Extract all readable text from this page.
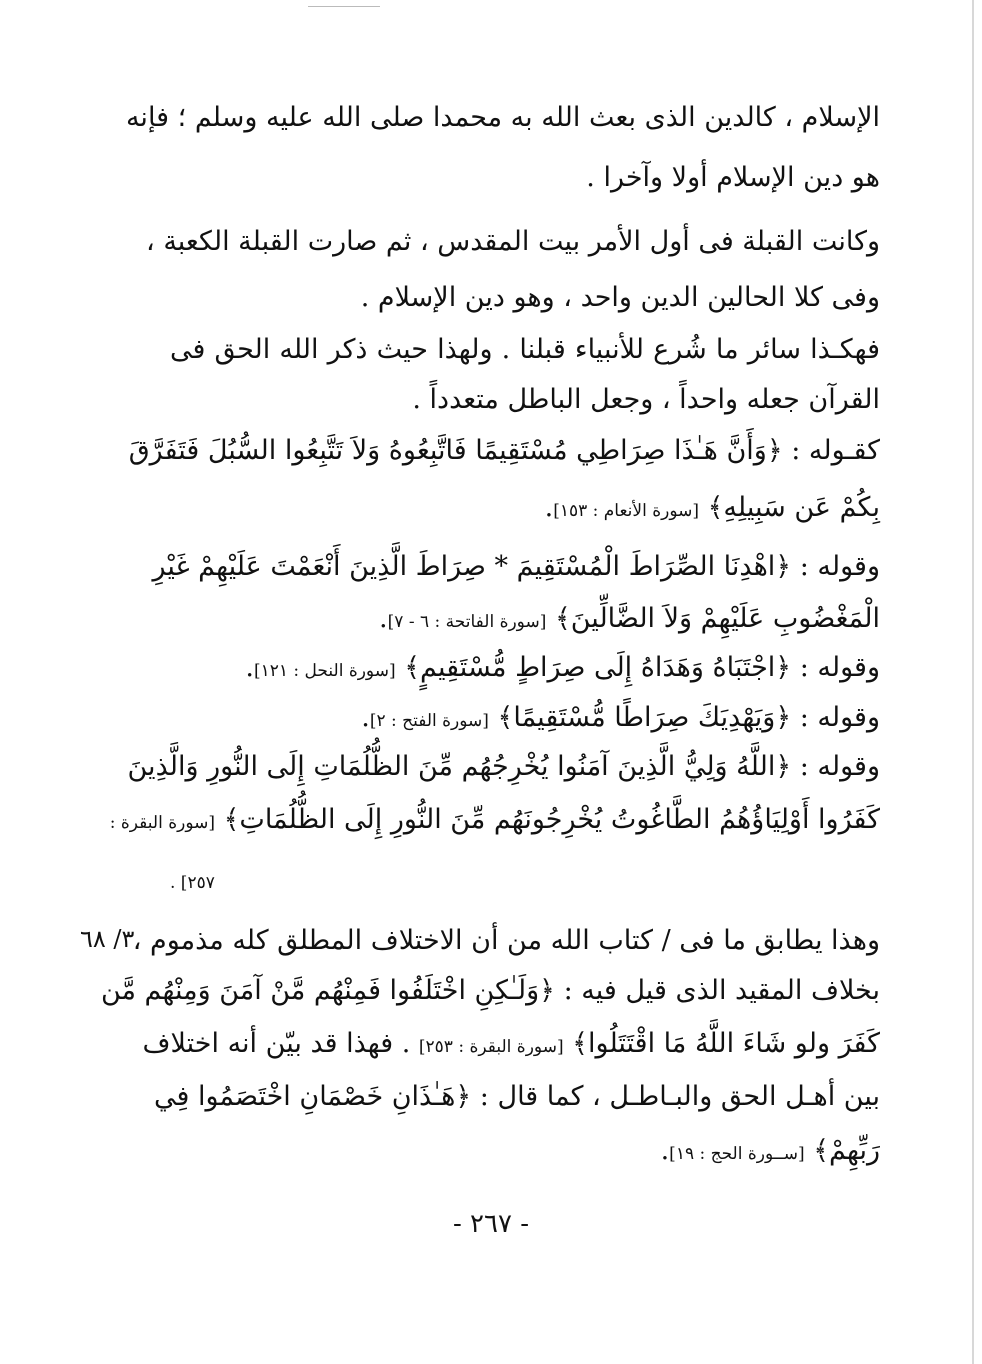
الإسلام ، كالدين الذى بعث الله به محمدا صلى الله عليه وسلم ؛ فإنه
هو دين الإسلام أولا وآخرا .
وكانت القبلة فى أول الأمر بيت المقدس ، ثم صارت القبلة الكعبة ،
وفى كلا الحالين الدين واحد ، وهو دين الإسلام .
فهكـذا سائر ما شُرع للأنبياء قبلنا . ولهذا حيث ذكر الله الحق فى
القرآن جعله واحداً ، وجعل الباطل متعدداً .
كقـوله : ﴿وَأَنَّ هَـٰذَا صِرَاطِي مُسْتَقِيمًا فَاتَّبِعُوهُ وَلاَ تَتَّبِعُوا السُّبُلَ فَتَفَرَّقَ
بِكُمْ عَن سَبِيلِهِ﴾ [سورة الأنعام : ١٥٣].
وقوله : ﴿اهْدِنَا الصِّرَاطَ الْمُسْتَقِيمَ * صِرَاطَ الَّذِينَ أَنْعَمْتَ عَلَيْهِمْ غَيْرِ
الْمَغْضُوبِ عَلَيْهِمْ وَلاَ الضَّالِّينَ﴾ [سورة الفاتحة : ٦ - ٧].
وقوله : ﴿اجْتَبَاهُ وَهَدَاهُ إِلَى صِرَاطٍ مُّسْتَقِيمٍ﴾ [سورة النحل : ١٢١].
وقوله : ﴿وَيَهْدِيَكَ صِرَاطًا مُّسْتَقِيمًا﴾ [سورة الفتح : ٢].
وقوله : ﴿اللَّهُ وَلِيُّ الَّذِينَ آمَنُوا يُخْرِجُهُم مِّنَ الظُّلُمَاتِ إِلَى النُّورِ وَالَّذِينَ
كَفَرُوا أَوْلِيَاؤُهُمُ الطَّاغُوتُ يُخْرِجُونَهُم مِّنَ النُّورِ إِلَى الظُّلُمَاتِ﴾ [سورة البقرة :
٢٥٧] .
وهذا يطابق ما فى / كتاب الله من أن الاختلاف المطلق كله مذموم ،
بخلاف المقيد الذى قيل فيه : ﴿وَلَـٰكِنِ اخْتَلَفُوا فَمِنْهُم مَّنْ آمَنَ وَمِنْهُم مَّن
كَفَرَ ولو شَاءَ اللَّهُ مَا اقْتَتَلُوا﴾ [سورة البقرة : ٢٥٣] . فهذا قد بيّن أنه اختلاف
بين أهـل الحق والبـاطـل ، كما قال : ﴿هَـٰذَانِ خَصْمَانِ اخْتَصَمُوا فِي
رَبِّهِمْ﴾ [ســورة الحج : ١٩].
٣/ ٦٨
- ٢٦٧ -
